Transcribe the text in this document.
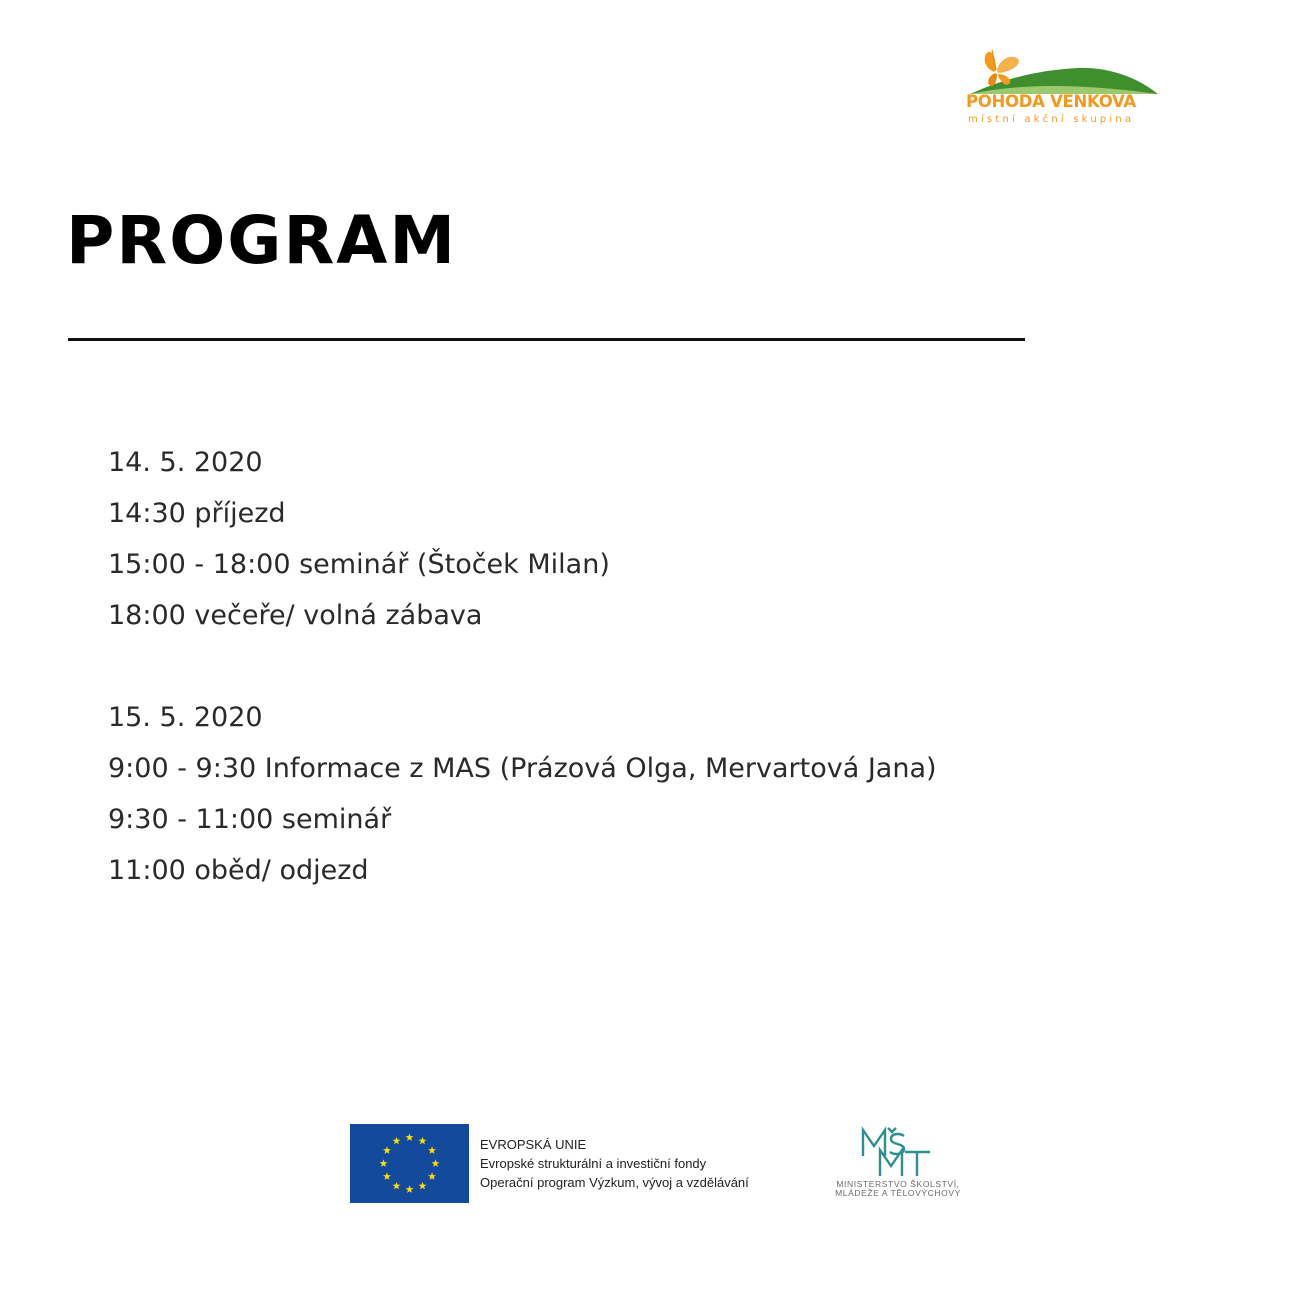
POHODA VENKOVA
místní akční skupina
PROGRAM
14. 5. 2020
14:30 příjezd
15:00 - 18:00 seminář (Štoček Milan)
18:00 večeře/ volná zábava
15. 5. 2020
9:00 - 9:30 Informace z MAS (Prázová Olga, Mervartová Jana)
9:30 - 11:00 seminář
11:00 oběd/ odjezd
EVROPSKÁ UNIE
Evropské strukturální a investiční fondy
Operační program Výzkum, vývoj a vzdělávání	MINISTERSTVO ŠKOLSTVÍ,
MLÁDEŽE A TĚLOVÝCHOVY
